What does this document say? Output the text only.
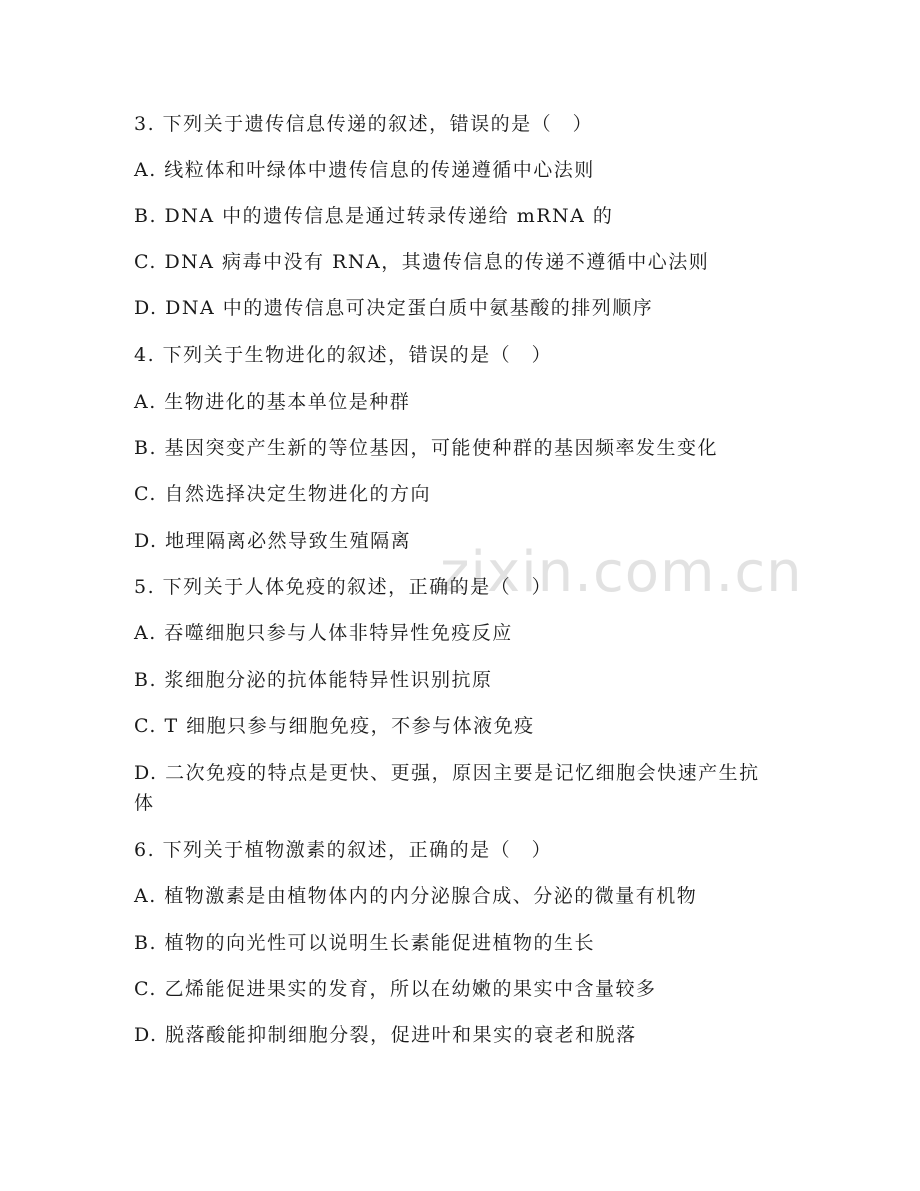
zixin.com.cn
3. 下列关于遗传信息传递的叙述，错误的是（　）
A. 线粒体和叶绿体中遗传信息的传递遵循中心法则
B. DNA 中的遗传信息是通过转录传递给 mRNA 的
C. DNA 病毒中没有 RNA，其遗传信息的传递不遵循中心法则
D. DNA 中的遗传信息可决定蛋白质中氨基酸的排列顺序
4. 下列关于生物进化的叙述，错误的是（　）
A. 生物进化的基本单位是种群
B. 基因突变产生新的等位基因，可能使种群的基因频率发生变化
C. 自然选择决定生物进化的方向
D. 地理隔离必然导致生殖隔离
5. 下列关于人体免疫的叙述，正确的是（　）
A. 吞噬细胞只参与人体非特异性免疫反应
B. 浆细胞分泌的抗体能特异性识别抗原
C. T 细胞只参与细胞免疫，不参与体液免疫
D. 二次免疫的特点是更快、更强，原因主要是记忆细胞会快速产生抗体
6. 下列关于植物激素的叙述，正确的是（　）
A. 植物激素是由植物体内的内分泌腺合成、分泌的微量有机物
B. 植物的向光性可以说明生长素能促进植物的生长
C. 乙烯能促进果实的发育，所以在幼嫩的果实中含量较多
D. 脱落酸能抑制细胞分裂，促进叶和果实的衰老和脱落
